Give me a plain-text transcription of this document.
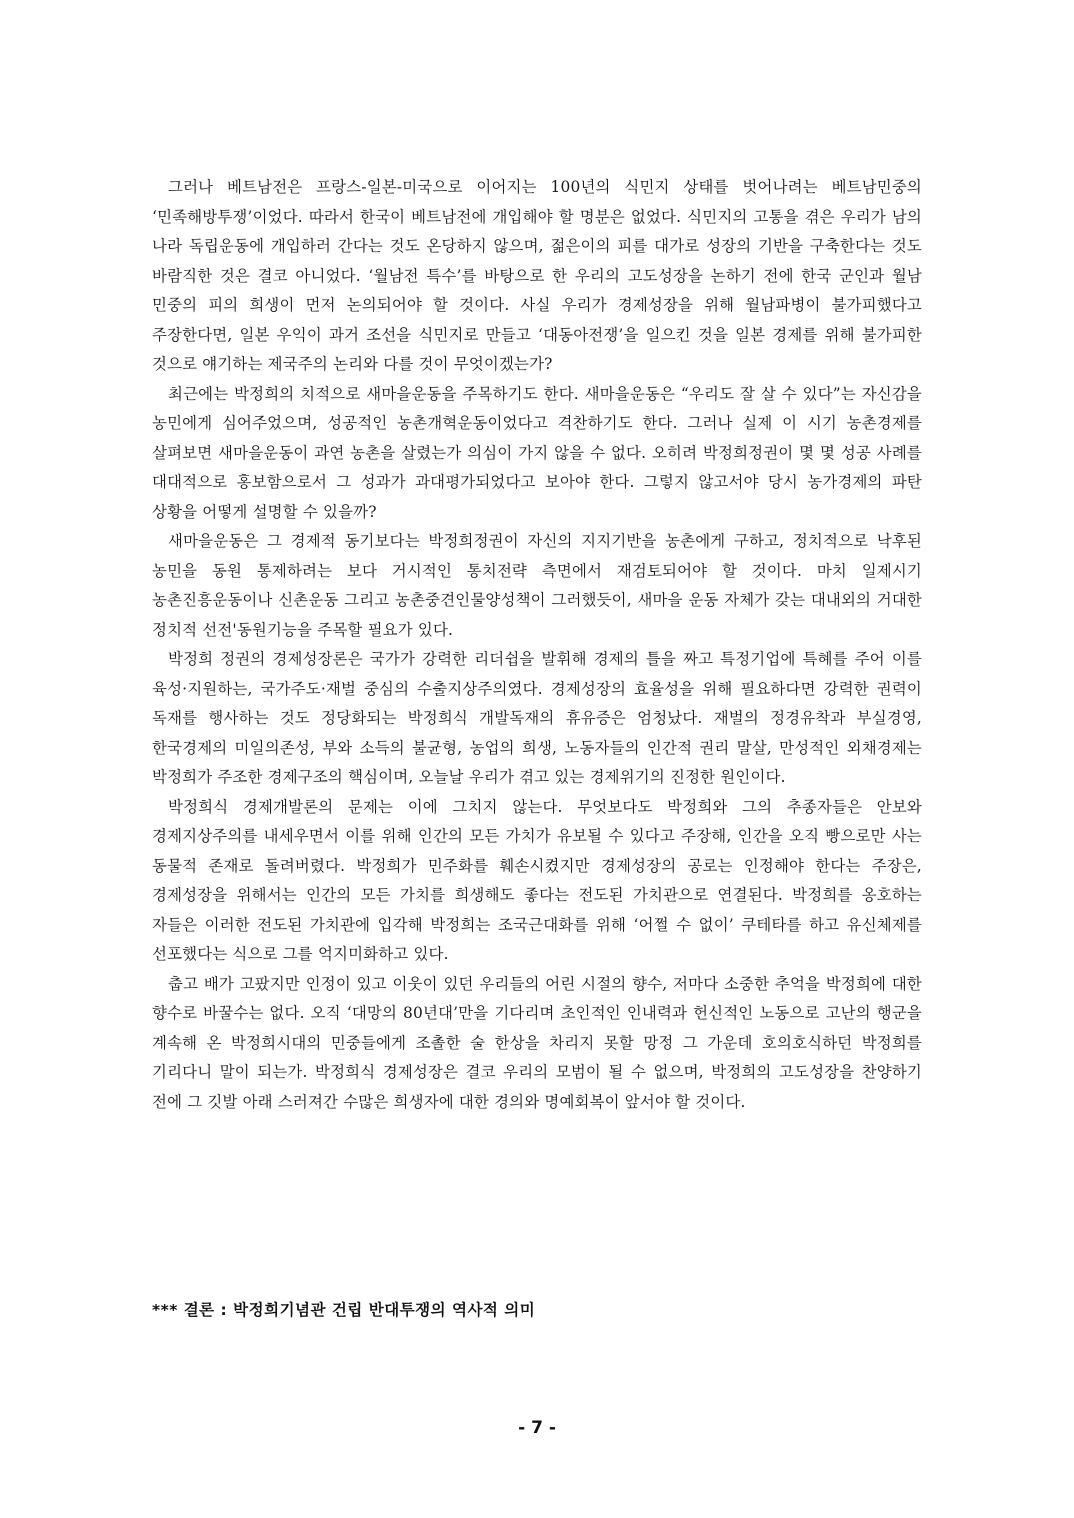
그러나 베트남전은 프랑스-일본-미국으로 이어지는 100년의 식민지 상태를 벗어나려는 베트남민중의 ‘민족해방투쟁’이었다. 따라서 한국이 베트남전에 개입해야 할 명분은 없었다. 식민지의 고통을 겪은 우리가 남의 나라 독립운동에 개입하러 간다는 것도 온당하지 않으며, 젊은이의 피를 대가로 성장의 기반을 구축한다는 것도 바람직한 것은 결코 아니었다. ‘월남전 특수’를 바탕으로 한 우리의 고도성장을 논하기 전에 한국 군인과 월남 민중의 피의 희생이 먼저 논의되어야 할 것이다. 사실 우리가 경제성장을 위해 월남파병이 불가피했다고 주장한다면, 일본 우익이 과거 조선을 식민지로 만들고 ‘대동아전쟁’을 일으킨 것을 일본 경제를 위해 불가피한 것으로 얘기하는 제국주의 논리와 다를 것이 무엇이겠는가?

최근에는 박정희의 치적으로 새마을운동을 주목하기도 한다. 새마을운동은 “우리도 잘 살 수 있다”는 자신감을 농민에게 심어주었으며, 성공적인 농촌개혁운동이었다고 격찬하기도 한다. 그러나 실제 이 시기 농촌경제를 살펴보면 새마을운동이 과연 농촌을 살렸는가 의심이 가지 않을 수 없다. 오히려 박정희정권이 몇 몇 성공 사례를 대대적으로 홍보함으로서 그 성과가 과대평가되었다고 보아야 한다. 그렇지 않고서야 당시 농가경제의 파탄 상황을 어떻게 설명할 수 있을까?

새마을운동은 그 경제적 동기보다는 박정희정권이 자신의 지지기반을 농촌에게 구하고, 정치적으로 낙후된 농민을 동원 통제하려는 보다 거시적인 통치전략 측면에서 재검토되어야 할 것이다. 마치 일제시기 농촌진흥운동이나 신촌운동 그리고 농촌중견인물양성책이 그러했듯이, 새마을 운동 자체가 갖는 대내외의 거대한 정치적 선전'동원기능을 주목할 필요가 있다.

박정희 정권의 경제성장론은 국가가 강력한 리더쉽을 발휘해 경제의 틀을 짜고 특정기업에 특혜를 주어 이를 육성·지원하는, 국가주도·재벌 중심의 수출지상주의였다. 경제성장의 효율성을 위해 필요하다면 강력한 권력이 독재를 행사하는 것도 정당화되는 박정희식 개발독재의 휴유증은 엄청났다. 재벌의 정경유착과 부실경영, 한국경제의 미일의존성, 부와 소득의 불균형, 농업의 희생, 노동자들의 인간적 권리 말살, 만성적인 외채경제는 박정희가 주조한 경제구조의 핵심이며, 오늘날 우리가 겪고 있는 경제위기의 진정한 원인이다.

박정희식 경제개발론의 문제는 이에 그치지 않는다. 무엇보다도 박정희와 그의 추종자들은 안보와 경제지상주의를 내세우면서 이를 위해 인간의 모든 가치가 유보될 수 있다고 주장해, 인간을 오직 빵으로만 사는 동물적 존재로 돌려버렸다. 박정희가 민주화를 훼손시켰지만 경제성장의 공로는 인정해야 한다는 주장은, 경제성장을 위해서는 인간의 모든 가치를 희생해도 좋다는 전도된 가치관으로 연결된다. 박정희를 옹호하는 자들은 이러한 전도된 가치관에 입각해 박정희는 조국근대화를 위해 ‘어쩔 수 없이’ 쿠테타를 하고 유신체제를 선포했다는 식으로 그를 억지미화하고 있다.

춥고 배가 고팠지만 인정이 있고 이웃이 있던 우리들의 어린 시절의 향수, 저마다 소중한 추억을 박정희에 대한 향수로 바꿀수는 없다. 오직 ‘대망의 80년대’만을 기다리며 초인적인 인내력과 헌신적인 노동으로 고난의 행군을 계속해 온 박정희시대의 민중들에게 조촐한 술 한상을 차리지 못할 망정 그 가운데 호의호식하던 박정희를 기리다니 말이 되는가. 박정희식 경제성장은 결코 우리의 모범이 될 수 없으며, 박정희의 고도성장을 찬양하기 전에 그 깃발 아래 스러져간 수많은 희생자에 대한 경의와 명예회복이 앞서야 할 것이다.

*** 결론 : 박정희기념관 건립 반대투쟁의 역사적 의미
- 7 -
